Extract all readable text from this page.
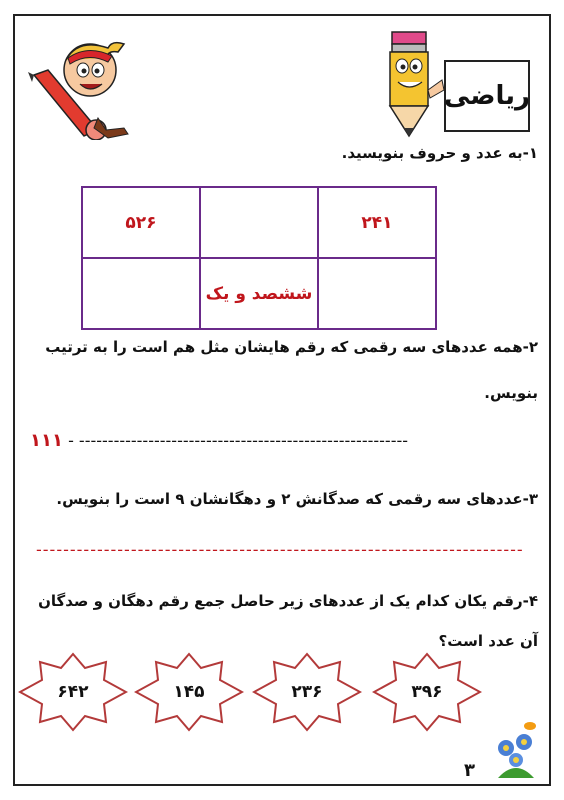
ریاضی
۱-به عدد و حروف بنویسید.
۲۴۱		۵۲۶
	ششصد و یک	
۲-همه عددهای سه رقمی که رقم هایشان مثل هم است را به ترتیب
بنویس.
۱۱۱ - ---------------------------------------------------------
۳-عددهای سه رقمی که صدگانش ۲ و دهگانشان ۹ است را بنویس.
------------------------------------------------------------------------
۴-رقم یکان کدام یک از عددهای زیر حاصل جمع رقم دهگان و صدگان
آن عدد است؟
۳۹۶
۲۳۶
۱۴۵
۶۴۲
۳
